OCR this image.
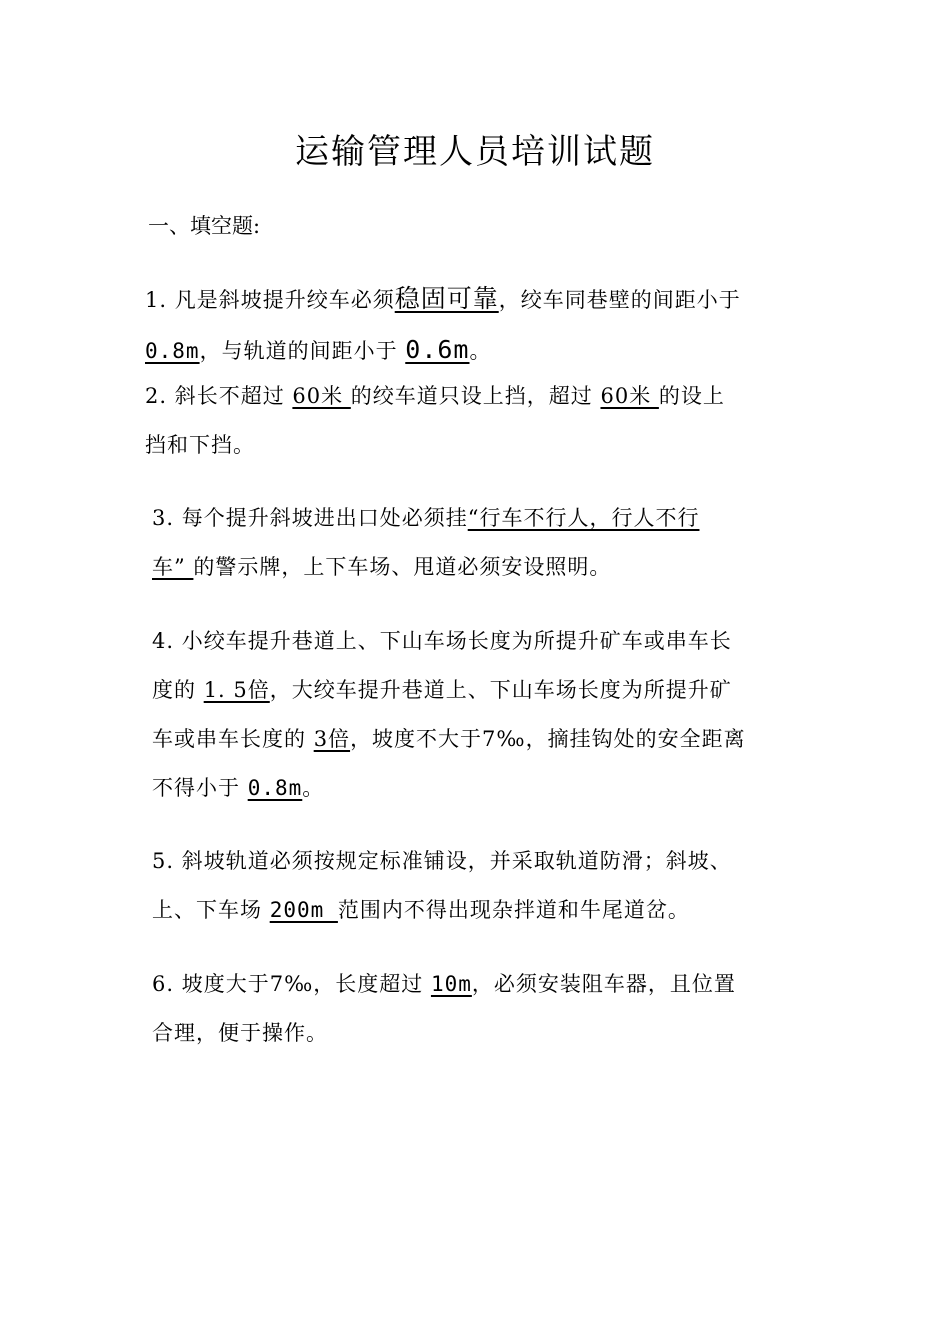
运输管理人员培训试题
一、填空题:
1. 凡是斜坡提升绞车必须稳固可靠，绞车同巷壁的间距小于
0.8m，与轨道的间距小于 0.6m。
2. 斜长不超过 60米 的绞车道只设上挡，超过 60米 的设上
挡和下挡。
3. 每个提升斜坡进出口处必须挂“行车不行人，行人不行
车” 的警示牌，上下车场、甩道必须安设照明。
4. 小绞车提升巷道上、下山车场长度为所提升矿车或串车长
度的 1. 5倍，大绞车提升巷道上、下山车场长度为所提升矿
车或串车长度的 3倍，坡度不大于7‰，摘挂钩处的安全距离
不得小于 0.8m。
5. 斜坡轨道必须按规定标准铺设，并采取轨道防滑；斜坡、
上、下车场 200m 范围内不得出现杂拌道和牛尾道岔。
6. 坡度大于7‰，长度超过 10m，必须安装阻车器，且位置
合理，便于操作。
